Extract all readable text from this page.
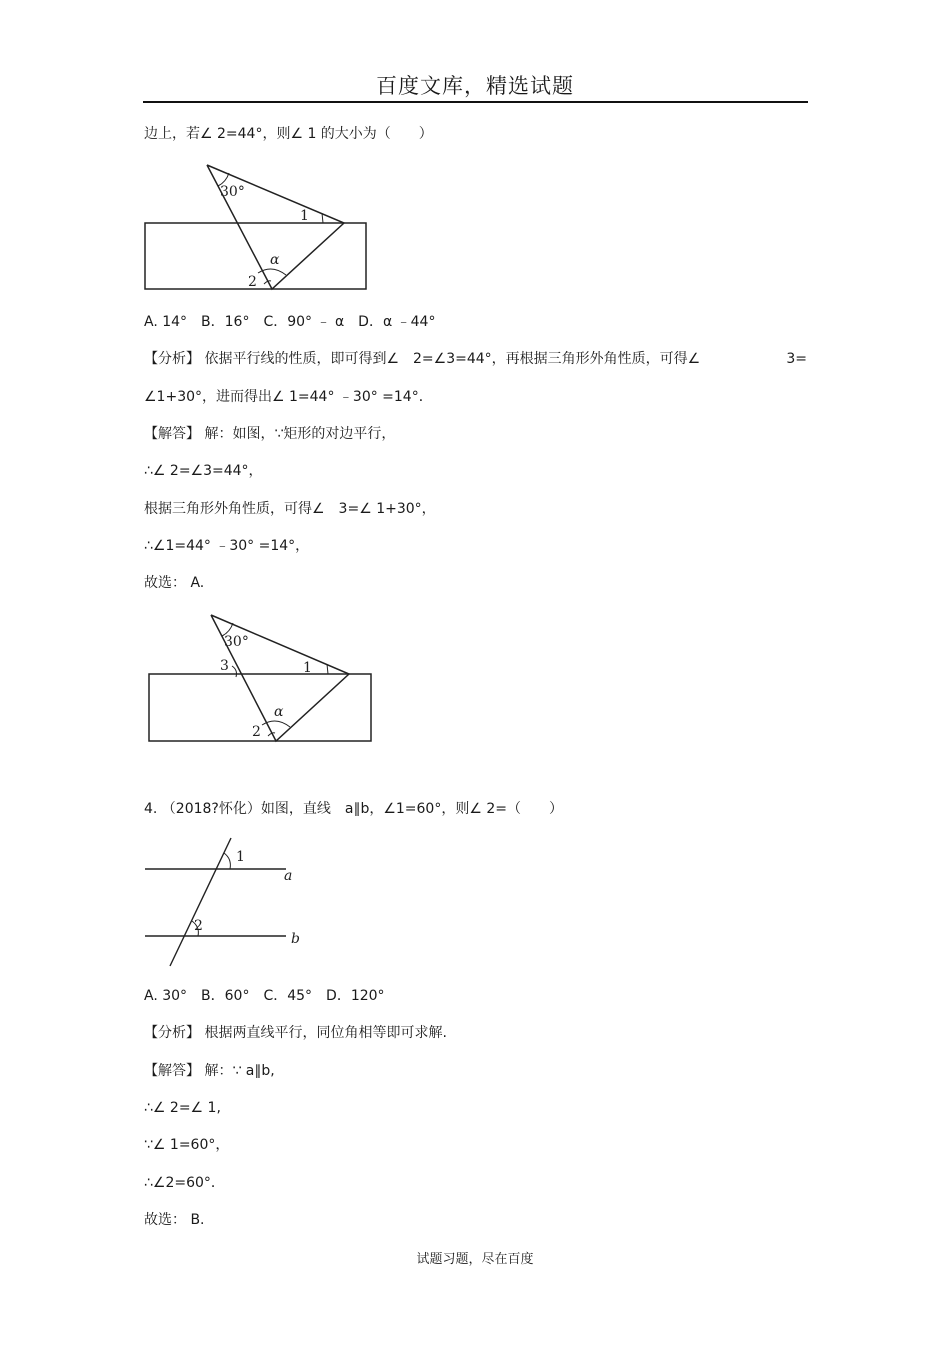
百度文库，精选试题
边上，若∠ 2=44°，则∠ 1 的大小为（　　）
30°
1
α
2
A. 14°　B．16°　C．90° ﹣ α　D．α ﹣44°
【分析】 依据平行线的性质，即可得到∠　2=∠3=44°，再根据三角形外角性质，可得∠	3=
∠1+30°，进而得出∠ 1=44° ﹣30° =14°．
【解答】 解：如图，∵矩形的对边平行，
∴∠ 2=∠3=44°，
根据三角形外角性质，可得∠　3=∠ 1+30°，
∴∠1=44° ﹣30° =14°，
故选： A.
30°
3	1
α
2
4. （2018?怀化）如图，直线　a∥b，∠1=60°，则∠ 2=（　　）
1
a
2
b
A. 30°　B．60°　C．45°　D．120°
【分析】 根据两直线平行，同位角相等即可求解.
【解答】 解：∵ a∥b,
∴∠ 2=∠ 1,
∵∠ 1=60°，
∴∠2=60°．
故选： B.
试题习题，尽在百度
